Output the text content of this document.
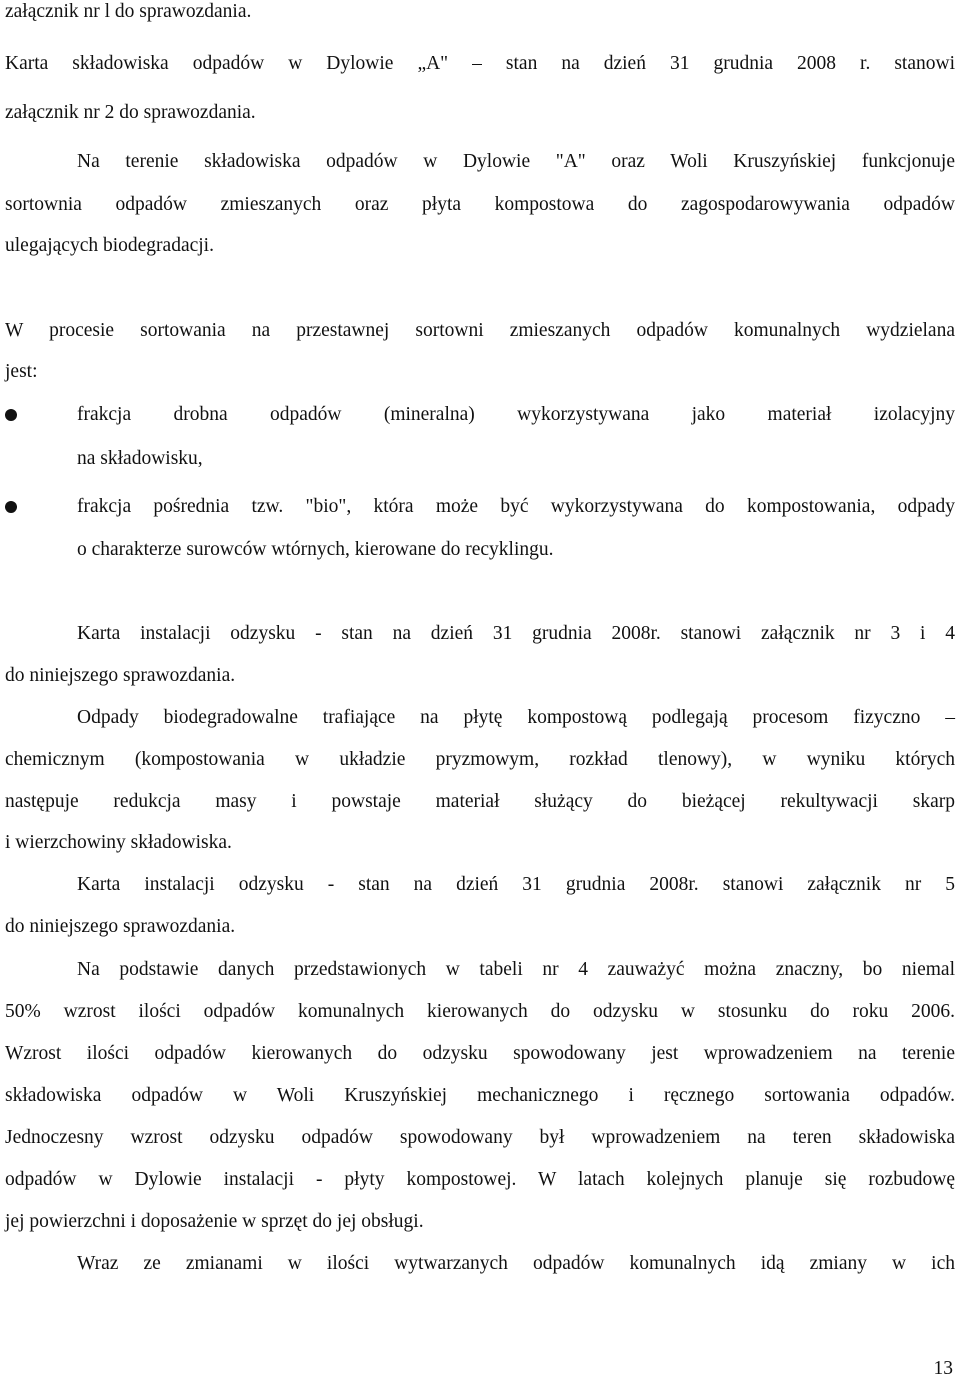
załącznik nr l do sprawozdania.
Karta składowiska odpadów w Dylowie „A" – stan na dzień 31 grudnia 2008 r. stanowi
załącznik nr 2 do sprawozdania.
Na terenie składowiska odpadów w Dylowie "A" oraz Woli Kruszyńskiej funkcjonuje
sortownia odpadów zmieszanych oraz płyta kompostowa do zagospodarowywania odpadów
ulegających biodegradacji.
W procesie sortowania na przestawnej sortowni zmieszanych odpadów komunalnych wydzielana
jest:
frakcja drobna odpadów (mineralna) wykorzystywana jako materiał izolacyjny
na składowisku,
frakcja pośrednia tzw. "bio", która może być wykorzystywana do kompostowania, odpady
o charakterze surowców wtórnych, kierowane do recyklingu.
Karta instalacji odzysku - stan na dzień 31 grudnia 2008r. stanowi załącznik nr 3 i 4
do niniejszego sprawozdania.
Odpady biodegradowalne trafiające na płytę kompostową podlegają procesom fizyczno –
chemicznym (kompostowania w układzie pryzmowym, rozkład tlenowy), w wyniku których
następuje redukcja masy i powstaje materiał służący do bieżącej rekultywacji skarp
i wierzchowiny składowiska.
Karta instalacji odzysku - stan na dzień 31 grudnia 2008r. stanowi załącznik nr 5
do niniejszego sprawozdania.
Na podstawie danych przedstawionych w tabeli nr 4 zauważyć można znaczny, bo niemal
50% wzrost ilości odpadów komunalnych kierowanych do odzysku w stosunku do roku 2006.
Wzrost ilości odpadów kierowanych do odzysku spowodowany jest wprowadzeniem na terenie
składowiska odpadów w Woli Kruszyńskiej mechanicznego i ręcznego sortowania odpadów.
Jednoczesny wzrost odzysku odpadów spowodowany był wprowadzeniem na teren składowiska
odpadów w Dylowie instalacji - płyty kompostowej. W latach kolejnych planuje się rozbudowę
jej powierzchni i doposażenie w sprzęt do jej obsługi.
Wraz ze zmianami w ilości wytwarzanych odpadów komunalnych idą zmiany w ich
13
